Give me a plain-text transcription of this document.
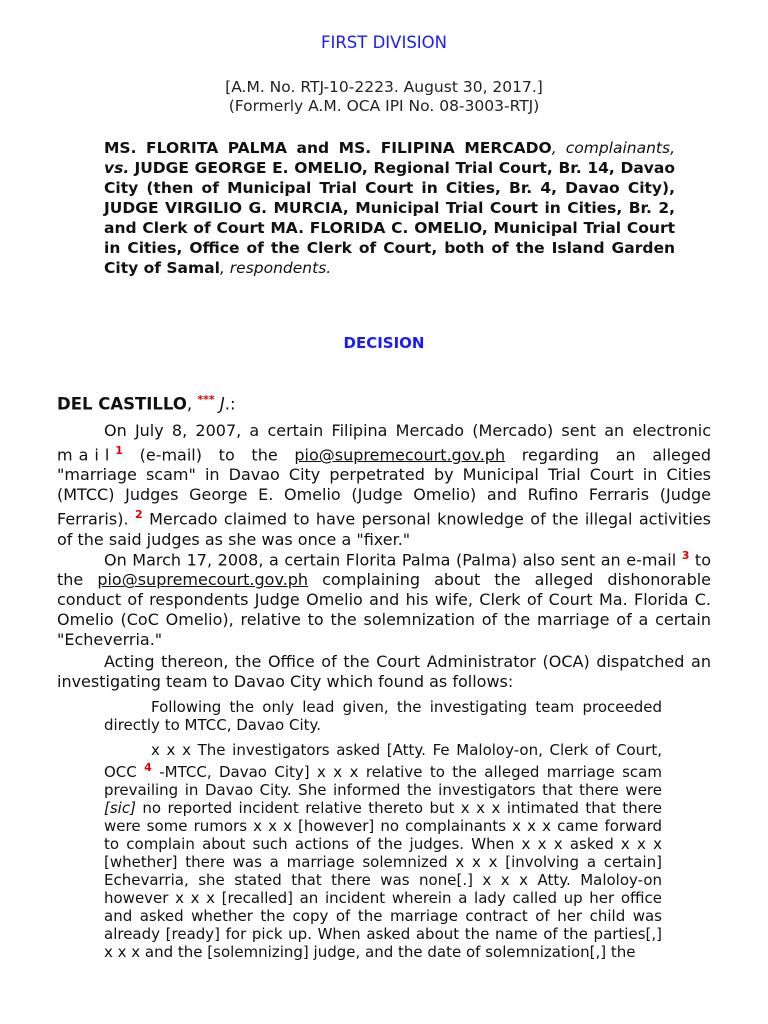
FIRST DIVISION
[A.M. No. RTJ-10-2223. August 30, 2017.]
(Formerly A.M. OCA IPI No. 08-3003-RTJ)
MS. FLORITA PALMA and MS. FILIPINA MERCADO, complainants, vs. JUDGE GEORGE E. OMELIO, Regional Trial Court, Br. 14, Davao City (then of Municipal Trial Court in Cities, Br. 4, Davao City), JUDGE VIRGILIO G. MURCIA, Municipal Trial Court in Cities, Br. 2, and Clerk of Court MA. FLORIDA C. OMELIO, Municipal Trial Court in Cities, Office of the Clerk of Court, both of the Island Garden City of Samal, respondents.
DECISION
DEL CASTILLO, *** J.:
On July 8, 2007, a certain Filipina Mercado (Mercado) sent an electronic mail$^1$ (e-mail) to the pio@supremecourt.gov.ph regarding an alleged "marriage scam" in Davao City perpetrated by Municipal Trial Court in Cities (MTCC) Judges George E. Omelio (Judge Omelio) and Rufino Ferraris (Judge Ferraris). $^2$ Mercado claimed to have personal knowledge of the illegal activities of the said judges as she was once a "fixer."
On March 17, 2008, a certain Florita Palma (Palma) also sent an e-mail $^3$ to the pio@supremecourt.gov.ph complaining about the alleged dishonorable conduct of respondents Judge Omelio and his wife, Clerk of Court Ma. Florida C. Omelio (CoC Omelio), relative to the solemnization of the marriage of a certain "Echeverria."
Acting thereon, the Office of the Court Administrator (OCA) dispatched an investigating team to Davao City which found as follows:
Following the only lead given, the investigating team proceeded directly to MTCC, Davao City.
x x x The investigators asked [Atty. Fe Maloloy-on, Clerk of Court, OCC $^4$ -MTCC, Davao City] x x x relative to the alleged marriage scam prevailing in Davao City. She informed the investigators that there were [sic] no reported incident relative thereto but x x x intimated that there were some rumors x x x [however] no complainants x x x came forward to complain about such actions of the judges. When x x x asked x x x [whether] there was a marriage solemnized x x x [involving a certain] Echevarria, she stated that there was none[.] x x x Atty. Maloloy-on however x x x [recalled] an incident wherein a lady called up her office and asked whether the copy of the marriage contract of her child was already [ready] for pick up. When asked about the name of the parties[,] x x x and the [solemnizing] judge, and the date of solemnization[,] the
